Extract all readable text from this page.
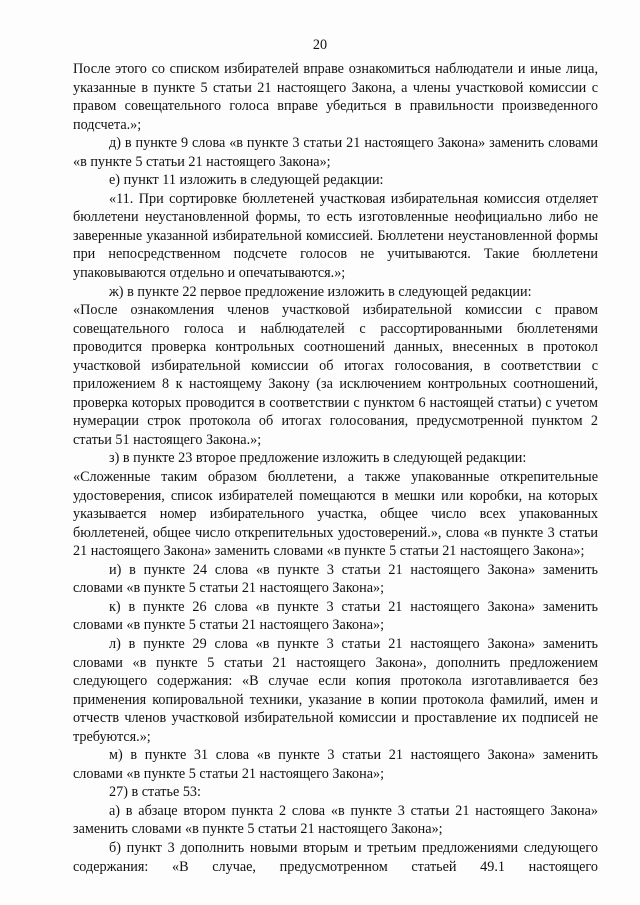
20

После этого со списком избирателей вправе ознакомиться наблюдатели и иные лица, указанные в пункте 5 статьи 21 настоящего Закона, а члены участковой комиссии с правом совещательного голоса вправе убедиться в правильности произведенного подсчета.»;

д) в пункте 9 слова «в пункте 3 статьи 21 настоящего Закона» заменить словами «в пункте 5 статьи 21 настоящего Закона»;

е) пункт 11 изложить в следующей редакции:

«11. При сортировке бюллетеней участковая избирательная комиссия отделяет бюллетени неустановленной формы, то есть изготовленные неофициально либо не заверенные указанной избирательной комиссией. Бюллетени неустановленной формы при непосредственном подсчете голосов не учитываются. Такие бюллетени упаковываются отдельно и опечатываются.»;

ж) в пункте 22 первое предложение изложить в следующей редакции:

«После ознакомления членов участковой избирательной комиссии с правом совещательного голоса и наблюдателей с рассортированными бюллетенями проводится проверка контрольных соотношений данных, внесенных в протокол участковой избирательной комиссии об итогах голосования, в соответствии с приложением 8 к настоящему Закону (за исключением контрольных соотношений, проверка которых проводится в соответствии с пунктом 6 настоящей статьи) с учетом нумерации строк протокола об итогах голосования, предусмотренной пунктом 2 статьи 51 настоящего Закона.»;

з) в пункте 23 второе предложение изложить в следующей редакции:

«Сложенные таким образом бюллетени, а также упакованные открепительные удостоверения, список избирателей помещаются в мешки или коробки, на которых указывается номер избирательного участка, общее число всех упакованных бюллетеней, общее число открепительных удостоверений.», слова «в пункте 3 статьи 21 настоящего Закона» заменить словами «в пункте 5 статьи 21 настоящего Закона»;

и) в пункте 24 слова «в пункте 3 статьи 21 настоящего Закона» заменить словами «в пункте 5 статьи 21 настоящего Закона»;

к) в пункте 26 слова «в пункте 3 статьи 21 настоящего Закона» заменить словами «в пункте 5 статьи 21 настоящего Закона»;

л) в пункте 29 слова «в пункте 3 статьи 21 настоящего Закона» заменить словами «в пункте 5 статьи 21 настоящего Закона», дополнить предложением следующего содержания: «В случае если копия протокола изготавливается без применения копировальной техники, указание в копии протокола фамилий, имен и отчеств членов участковой избирательной комиссии и проставление их подписей не требуются.»;

м) в пункте 31 слова «в пункте 3 статьи 21 настоящего Закона» заменить словами «в пункте 5 статьи 21 настоящего Закона»;

27) в статье 53:

а) в абзаце втором пункта 2 слова «в пункте 3 статьи 21 настоящего Закона» заменить словами «в пункте 5 статьи 21 настоящего Закона»;

б) пункт 3 дополнить новыми вторым и третьим предложениями следующего содержания: «В случае, предусмотренном статьей 49.1 настоящего
